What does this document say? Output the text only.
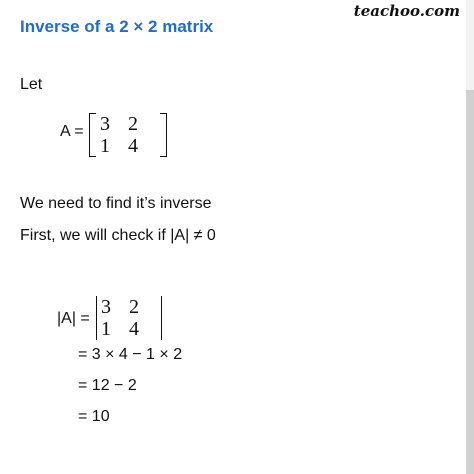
Inverse of a 2 × 2 matrix
teachoo.com
Let
A = 3 2
1 4
We need to find it’s inverse
First, we will check if |A| ≠ 0
|A| =
3 2
1 4
= 3 × 4 − 1 × 2
= 12 − 2
= 10
